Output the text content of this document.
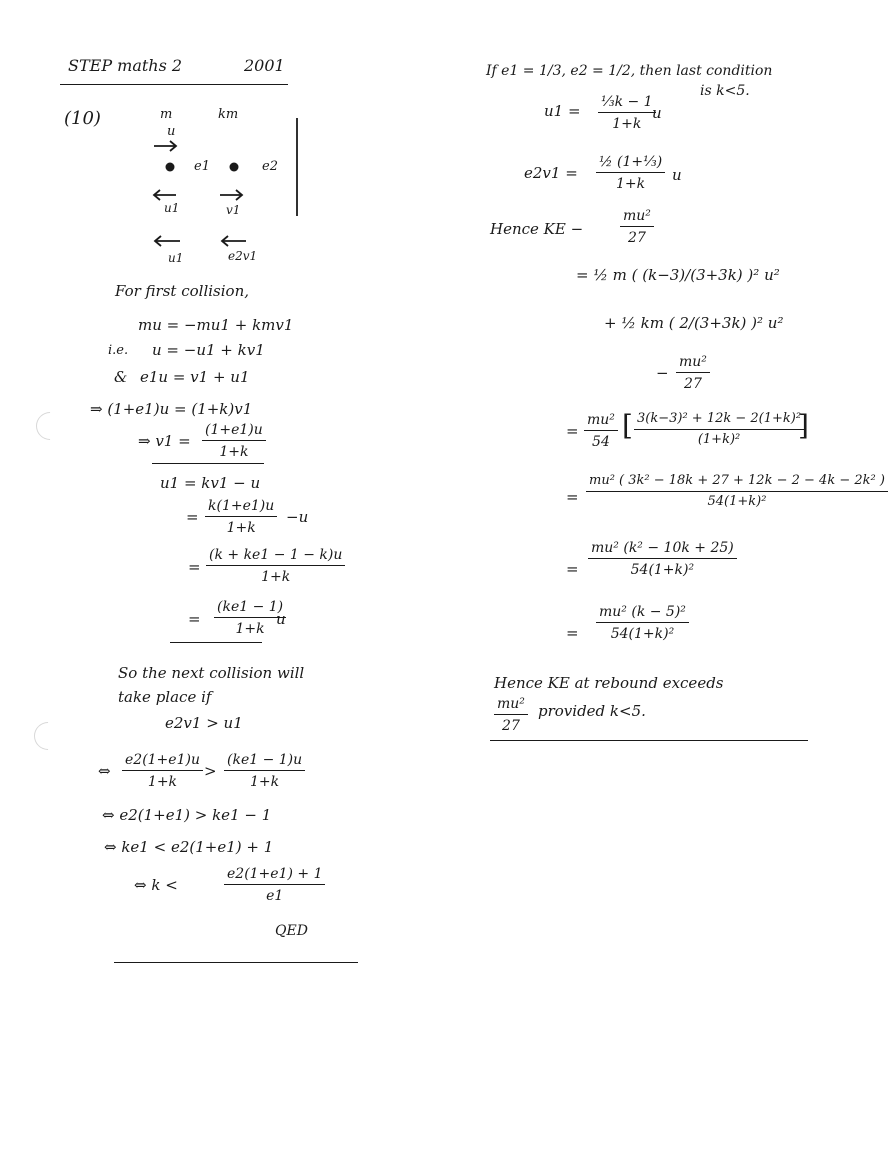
STEP maths 2	2001
(10)	m	km
u
e1	e2
u1	v1
u1	e2v1
For first collision,
mu = −mu1 + kmv1
i.e. u = −u1 + kv1
& e1u = v1 + u1
⇒ (1+e1)u = (1+k)v1
⇒ $v1 = \frac{(1+e1)u}{1+k}$
u1 = kv1 − u
= $\frac{k(1+e1)u}{1+k} -u$
= $\frac{(k + ke1 - 1 - k)u}{1+k}$
= $\frac{(ke1 - 1)}{1+k}$
u
So the next collision will
take place if
e2v1 > u1
⇔ $\frac{e2(1+e1)u}{1+k} > \frac{(ke1 - 1)u}{1+k}$
⇔ e2(1+e1) > ke1 − 1
⇔ ke1 < e2(1+e1) + 1
⇔ k <	$\frac{e2(1+e1) + 1}{e1}$
QED
If e1 = 1/3, e2 = 1/2, then last condition
is k<5.
$u1 = \frac{\text{⅓k − 1}}{1+k}$
u
$e2v1 = \frac{\text{½ (1+⅓)}}{1+k}$ u
Hence KE −	$\frac{\text{mu²}}{27}$
= ½ m ( (k−3)/(3+3k) )² u²
+ ½ km ( 2/(3+3k) )² u²
− $\frac{\text{mu²}}{27}$
= $\frac{\text{mu²}}{54}$ [ $\frac{\text{3(k−3)² + 12k − 2(1+k)²}}{\text{(1+k)²}}$
]
= $\frac{\text{mu² ( 3k² − 18k + 27 + 12k − 2 − 4k − 2k² )}}{\text{54(1+k)²}}$
= $\frac{\text{mu² (k² − 10k + 25)}}{\text{54(1+k)²}}$
= $\frac{\text{mu² (k − 5)²}}{\text{54(1+k)²}}$
Hence KE at rebound exceeds
$\frac{\text{mu²}}{27}$ provided k<5.
